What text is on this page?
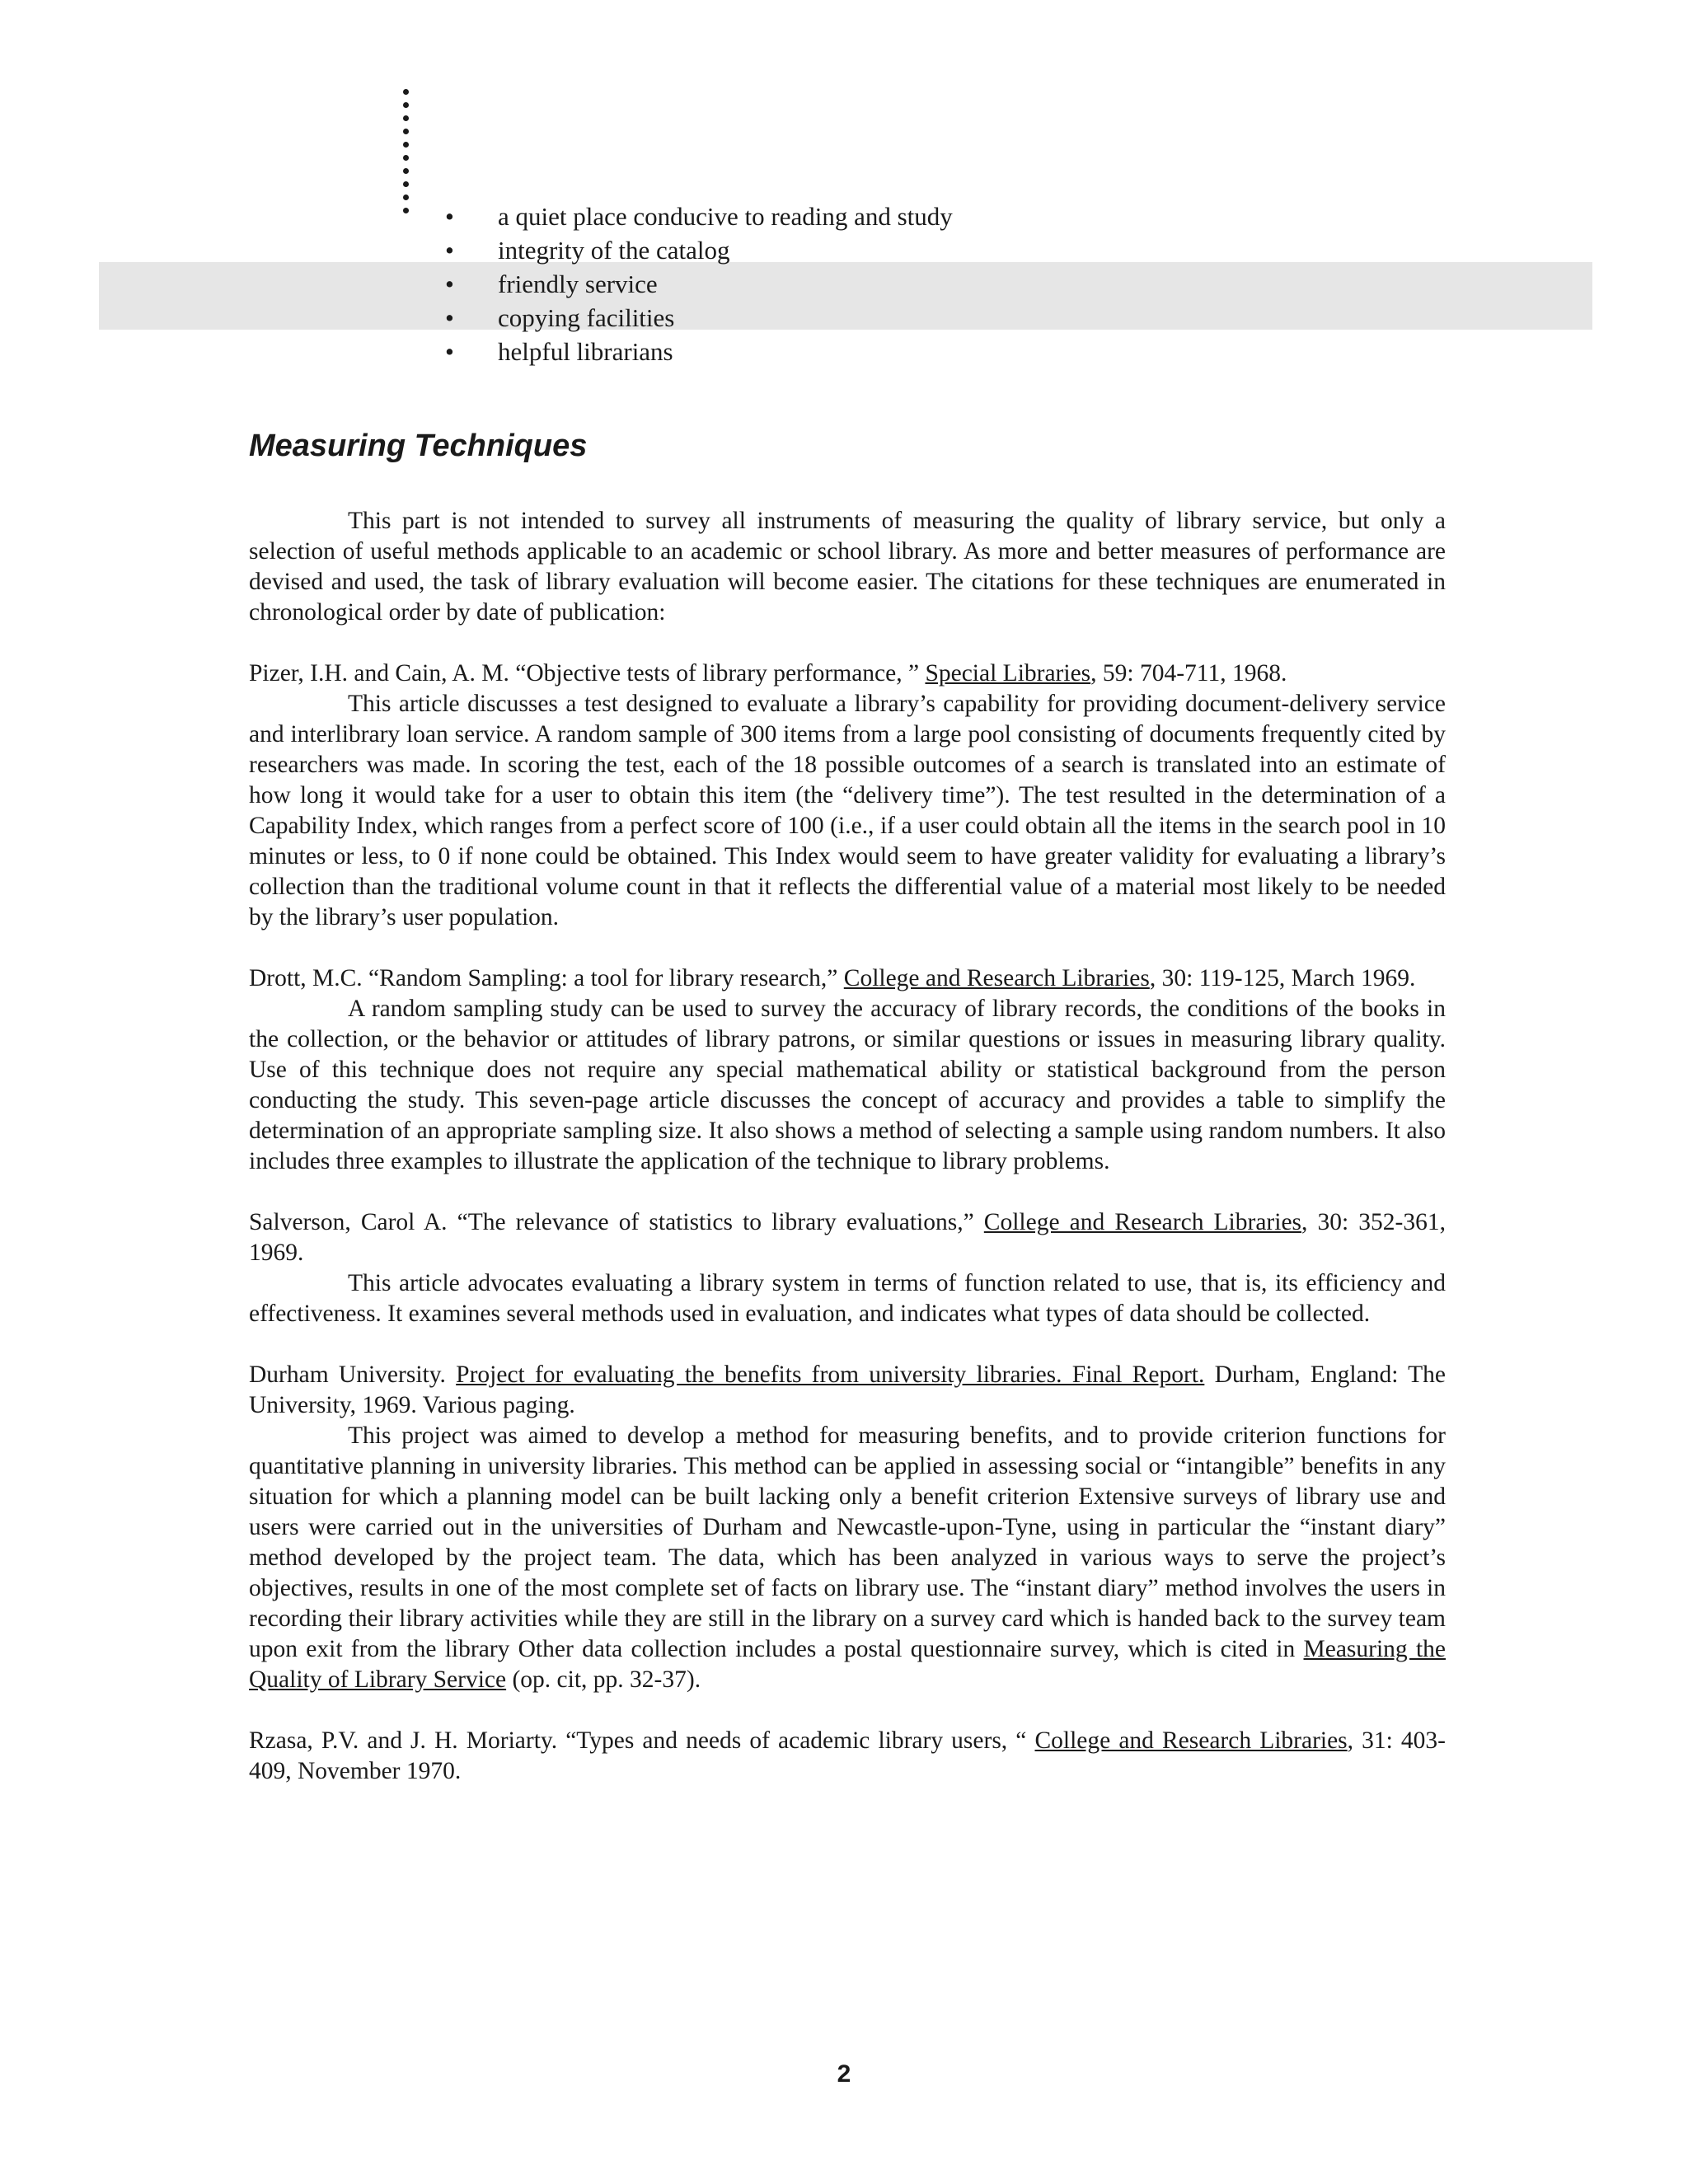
• a quiet place conducive to reading and study
• integrity of the catalog
• friendly service
• copying facilities
• helpful librarians
Measuring Techniques

This part is not intended to survey all instruments of measuring the quality of library service, but only a selection of useful methods applicable to an academic or school library. As more and better measures of performance are devised and used, the task of library evaluation will become easier. The citations for these techniques are enumerated in chronological order by date of publication:

Pizer, I.H. and Cain, A. M. “Objective tests of library performance, ” Special Libraries, 59: 704-711, 1968.

This article discusses a test designed to evaluate a library’s capability for providing document-delivery service and interlibrary loan service. A random sample of 300 items from a large pool consisting of documents frequently cited by researchers was made. In scoring the test, each of the 18 possible outcomes of a search is translated into an estimate of how long it would take for a user to obtain this item (the “delivery time”). The test resulted in the determination of a Capability Index, which ranges from a perfect score of 100 (i.e., if a user could obtain all the items in the search pool in 10 minutes or less, to 0 if none could be obtained. This Index would seem to have greater validity for evaluating a library’s collection than the traditional volume count in that it reflects the differential value of a material most likely to be needed by the library’s user population.

Drott, M.C. “Random Sampling: a tool for library research,” College and Research Libraries, 30: 119-125, March 1969.

A random sampling study can be used to survey the accuracy of library records, the conditions of the books in the collection, or the behavior or attitudes of library patrons, or similar questions or issues in measuring library quality. Use of this technique does not require any special mathematical ability or statistical background from the person conducting the study. This seven-page article discusses the concept of accuracy and provides a table to simplify the determination of an appropriate sampling size. It also shows a method of selecting a sample using random numbers. It also includes three examples to illustrate the application of the technique to library problems.

Salverson, Carol A. “The relevance of statistics to library evaluations,” College and Research Libraries, 30: 352-361, 1969.

This article advocates evaluating a library system in terms of function related to use, that is, its efficiency and effectiveness. It examines several methods used in evaluation, and indicates what types of data should be collected.

Durham University. Project for evaluating the benefits from university libraries. Final Report. Durham, England: The University, 1969. Various paging.

This project was aimed to develop a method for measuring benefits, and to provide criterion functions for quantitative planning in university libraries. This method can be applied in assessing social or “intangible” benefits in any situation for which a planning model can be built lacking only a benefit criterion Extensive surveys of library use and users were carried out in the universities of Durham and Newcastle-upon-Tyne, using in particular the “instant diary” method developed by the project team. The data, which has been analyzed in various ways to serve the project’s objectives, results in one of the most complete set of facts on library use. The “instant diary” method involves the users in recording their library activities while they are still in the library on a survey card which is handed back to the survey team upon exit from the library Other data collection includes a postal questionnaire survey, which is cited in Measuring the Quality of Library Service (op. cit, pp. 32-37).

Rzasa, P.V. and J. H. Moriarty. “Types and needs of academic library users, “ College and Research Libraries, 31: 403-409, November 1970.

2
